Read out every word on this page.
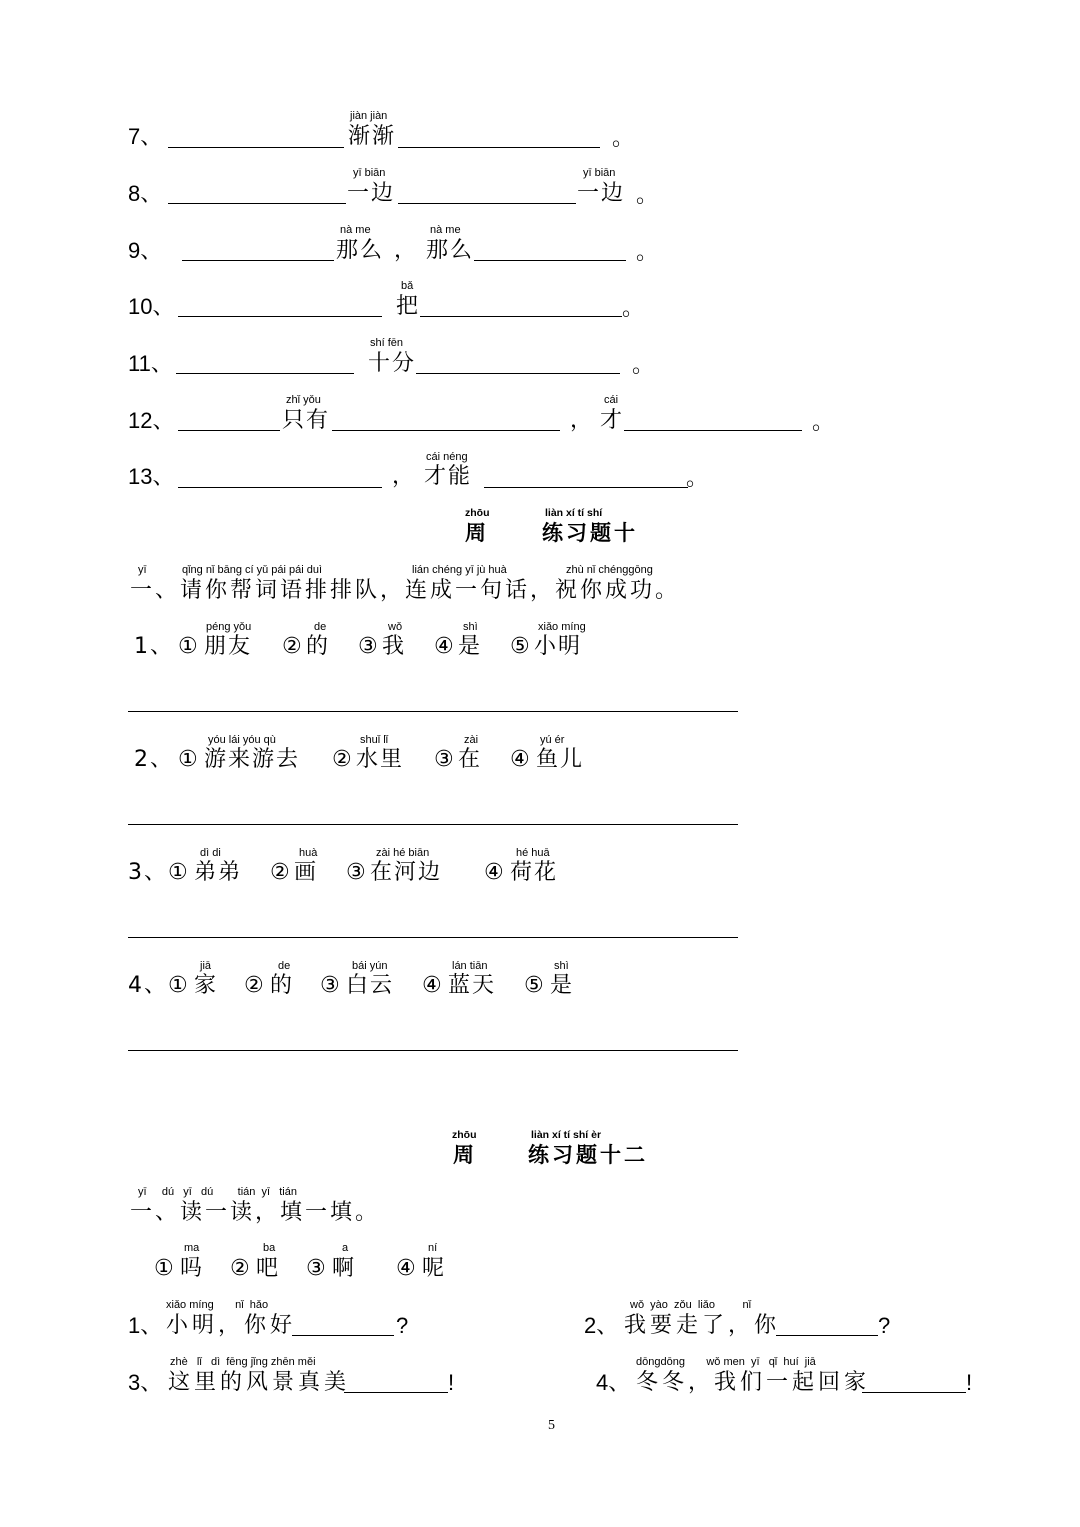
7、
jiàn jiàn
渐渐	。
8、
yī biān
一边
yī biān
一边 。
9、
nà me
那么 ，
nà me
那么	。
10、
bǎ
把	。
11、
shí fēn
十分	。
12、
zhǐ yǒu
只有	，
cái
才	。
13、	，
cái néng
才能	。
zhōu
周
liàn xí tí shí
练习题十
yī	qǐng nǐ bāng cí yǔ pái pái duì	lián chéng yī jù huà	zhù nǐ chénggōng
一、请你帮词语排排队，连成一句话，祝你成功。
1、 ①
péng yǒu
朋友 ②
de
的 ③
wǒ
我 ④
shì
是 ⑤
xiǎo míng
小明
2、 ①
yóu lái yóu qù
游来游去 ②
shuǐ lǐ
水里 ③
zài
在 ④
yú ér
鱼儿
3、 ①
dì di
弟弟 ②
huà
画 ③
zài hé biān
在河边 ④
hé huā
荷花
4、 ①
jiā
家 ②
de
的 ③
bái yún
白云 ④
lán tiān
蓝天 ⑤
shì
是
zhōu
周
liàn xí tí shí èr
练习题十二
yī     dú   yī   dú        tián  yī   tián
一、读一读，填一填。
①
ma
吗 ②
ba
吧 ③
a
啊 ④
ní
呢
1、
xiǎo míng       nǐ  hǎo
小明，你好	?	2、
wǒ  yào  zǒu  liǎo         nǐ
我要走了，你	?
3、
zhè   lǐ   dì  fēng jǐng zhēn měi
这里的风景真美	!	4、
dōngdōng       wǒ men  yī   qǐ  huí  jiā
冬冬，我们一起回家	!
5
